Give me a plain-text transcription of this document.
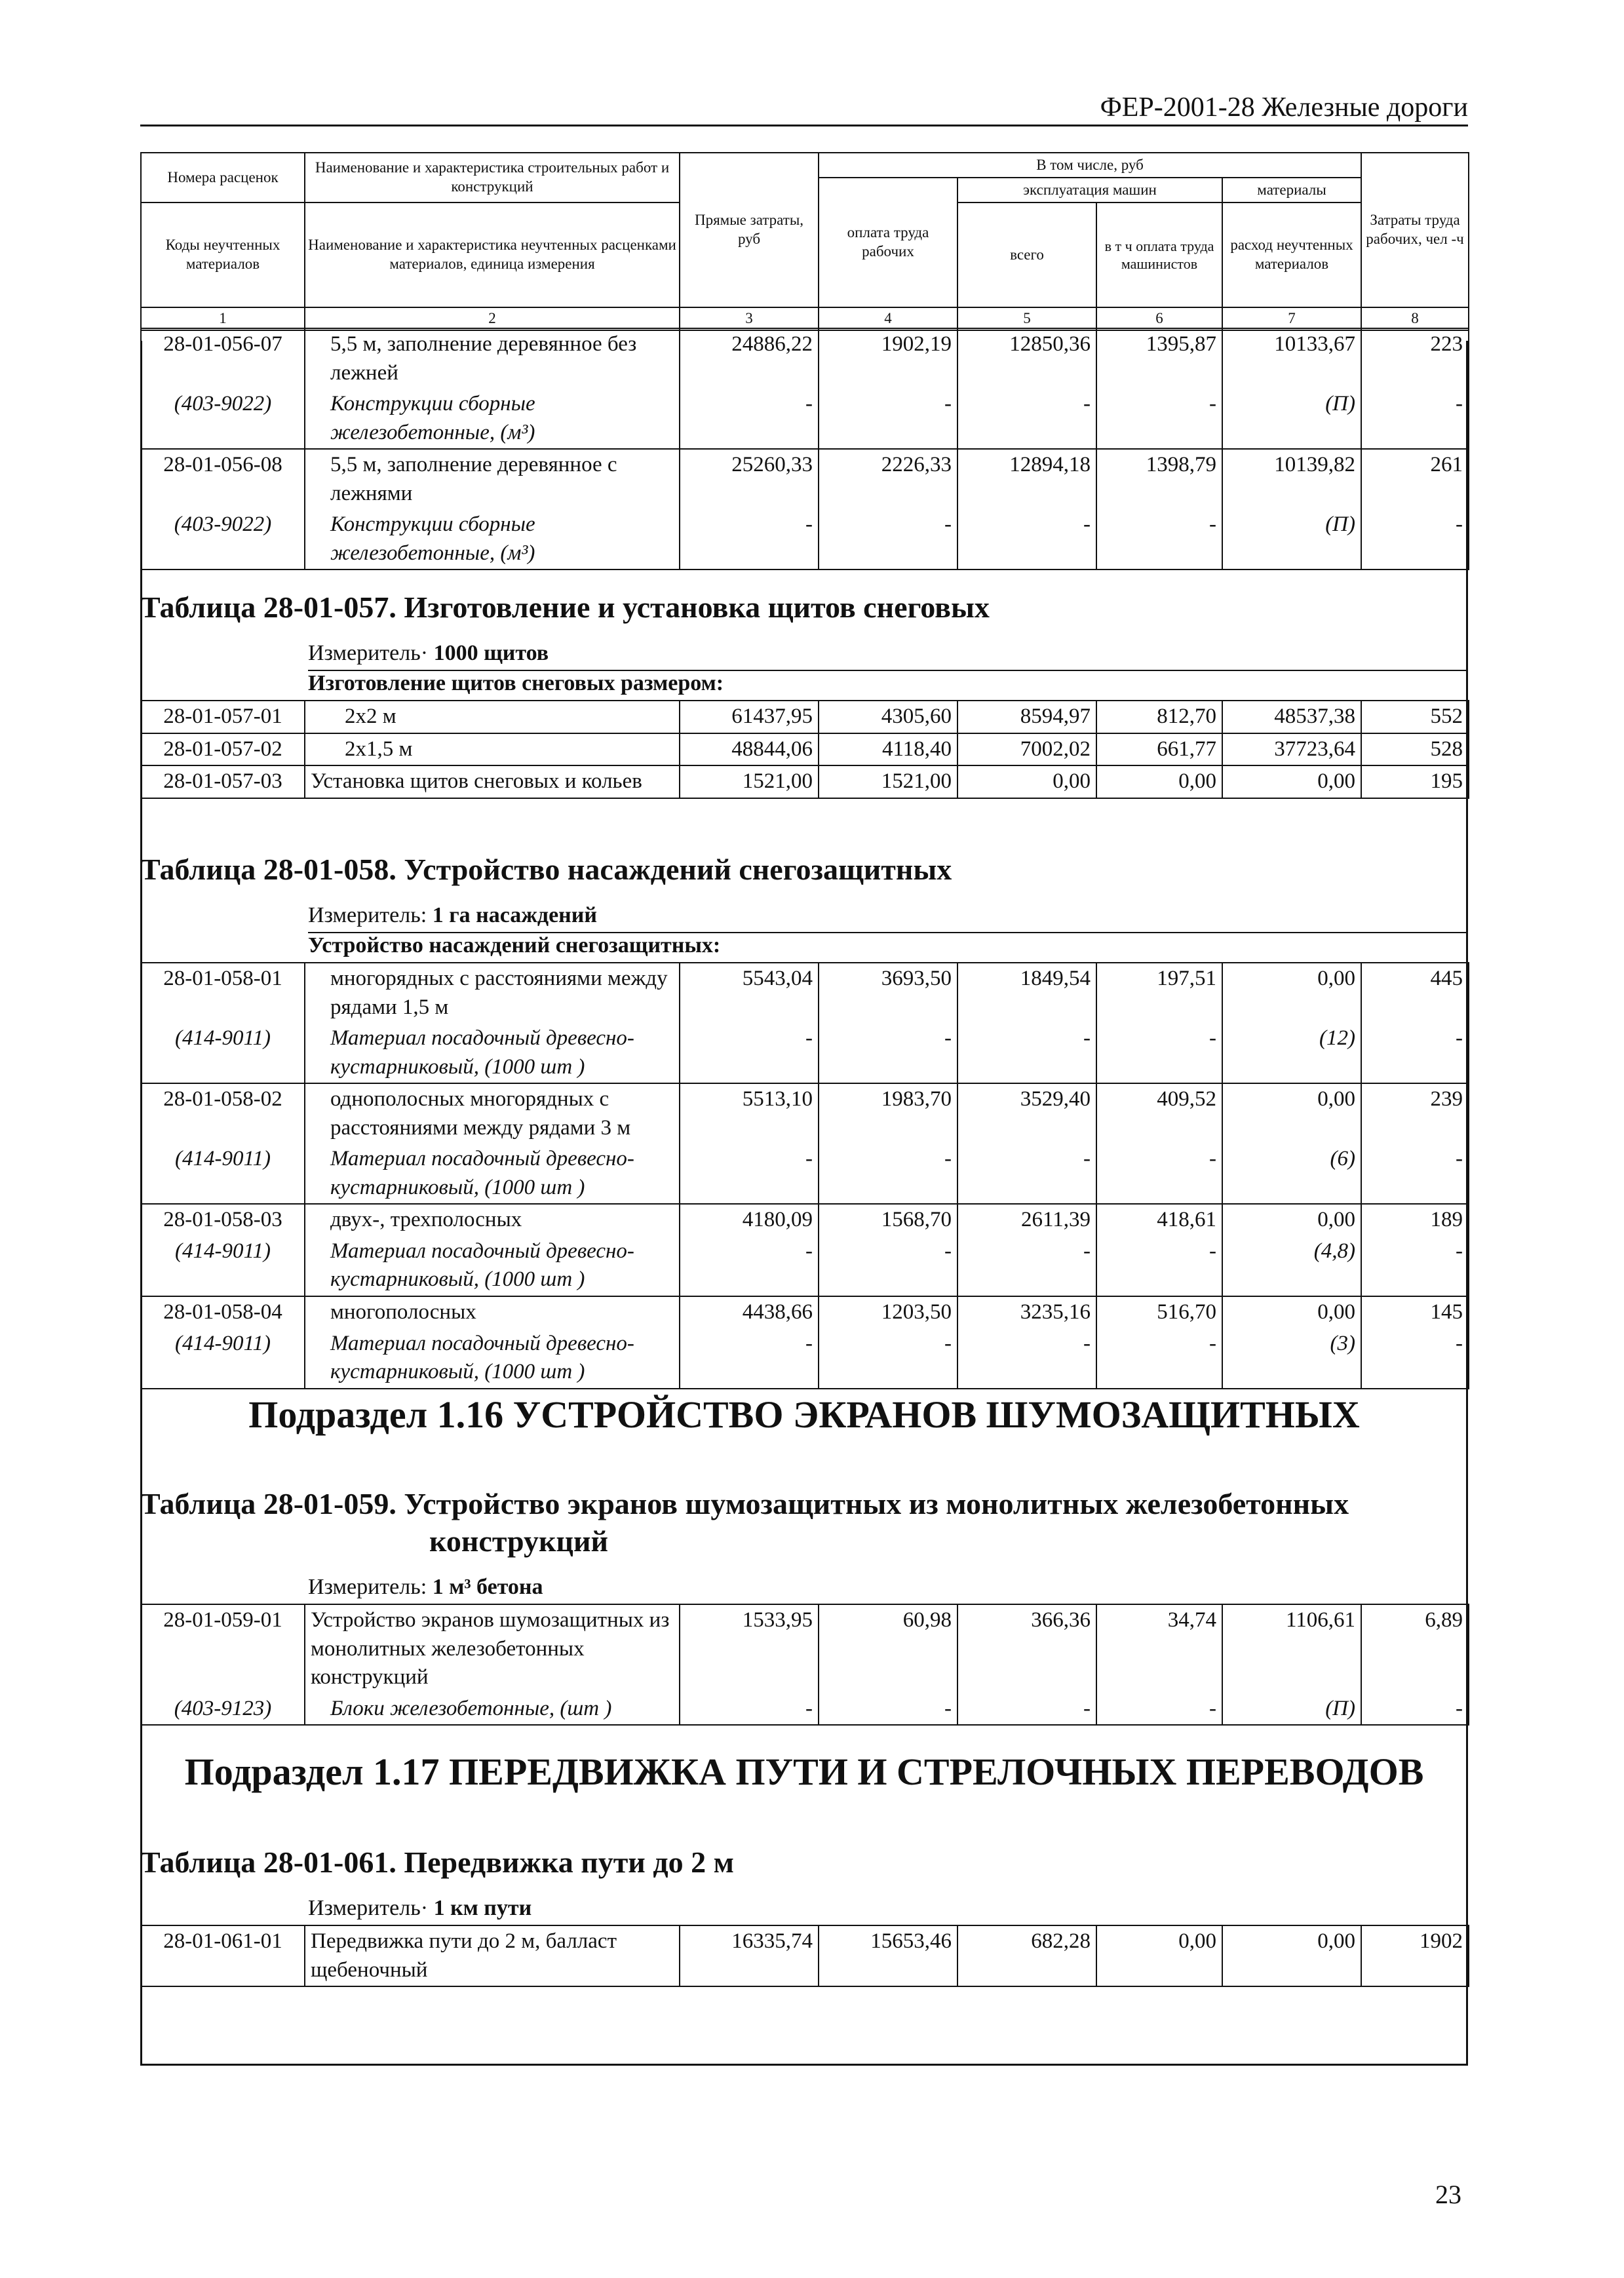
ФЕР-2001-28 Железные дороги
Номера расценок	Наименование и характеристика строительных работ и конструкций	Прямые затраты, руб	В том числе, руб				Затраты труда рабочих, чел -ч
			оплата труда рабочих	эксплуатация машин		материалы	
Коды неучтенных материалов	Наименование и характеристика неучтенных расценками материалов, единица измерения			всего	в т ч оплата труда машинистов	расход неучтенных материалов	

1	2	3	4	5	6	7	8
28-01-056-07	5,5 м, заполнение деревянное без лежней	24886,22	1902,19	12850,36	1395,87	10133,67	223
(403-9022)	Конструкции сборные железобетонные, (м³)	-	-	-	-	(П)	-
28-01-056-08	5,5 м, заполнение деревянное с лежнями	25260,33	2226,33	12894,18	1398,79	10139,82	261
(403-9022)	Конструкции сборные железобетонные, (м³)	-	-	-	-	(П)	-
Таблица 28-01-057. Изготовление и установка щитов снеговых
Измеритель· 1000 щитов
Изготовление щитов снеговых размером:
28-01-057-01	2х2 м	61437,95	4305,60	8594,97	812,70	48537,38	552
28-01-057-02	2х1,5 м	48844,06	4118,40	7002,02	661,77	37723,64	528
28-01-057-03	Установка щитов снеговых и кольев	1521,00	1521,00	0,00	0,00	0,00	195
Таблица 28-01-058. Устройство насаждений снегозащитных
Измеритель: 1 га насаждений
Устройство насаждений снегозащитных:
28-01-058-01	многорядных с расстояниями между рядами 1,5 м	5543,04	3693,50	1849,54	197,51	0,00	445
(414-9011)	Материал посадочный древесно-кустарниковый, (1000 шт )	-	-	-	-	(12)	-
28-01-058-02	однополосных многорядных с расстояниями между рядами 3 м	5513,10	1983,70	3529,40	409,52	0,00	239
(414-9011)	Материал посадочный древесно-кустарниковый, (1000 шт )	-	-	-	-	(6)	-
28-01-058-03	двух-, трехполосных	4180,09	1568,70	2611,39	418,61	0,00	189
(414-9011)	Материал посадочный древесно-кустарниковый, (1000 шт )	-	-	-	-	(4,8)	-
28-01-058-04	многополосных	4438,66	1203,50	3235,16	516,70	0,00	145
(414-9011)	Материал посадочный древесно-кустарниковый, (1000 шт )	-	-	-	-	(3)	-
Подраздел 1.16 УСТРОЙСТВО ЭКРАНОВ ШУМОЗАЩИТНЫХ
Таблица 28-01-059. Устройство экранов шумозащитных из монолитных железобетонных
конструкций
Измеритель: 1 м³ бетона
28-01-059-01	Устройство экранов шумозащитных из монолитных железобетонных конструкций	1533,95	60,98	366,36	34,74	1106,61	6,89
(403-9123)	Блоки железобетонные, (шт )	-	-	-	-	(П)	-
Подраздел 1.17 ПЕРЕДВИЖКА ПУТИ И СТРЕЛОЧНЫХ ПЕРЕВОДОВ
Таблица 28-01-061. Передвижка пути до 2 м
Измеритель· 1 км пути
28-01-061-01	Передвижка пути до 2 м, балласт щебеночный	16335,74	15653,46	682,28	0,00	0,00	1902
23
